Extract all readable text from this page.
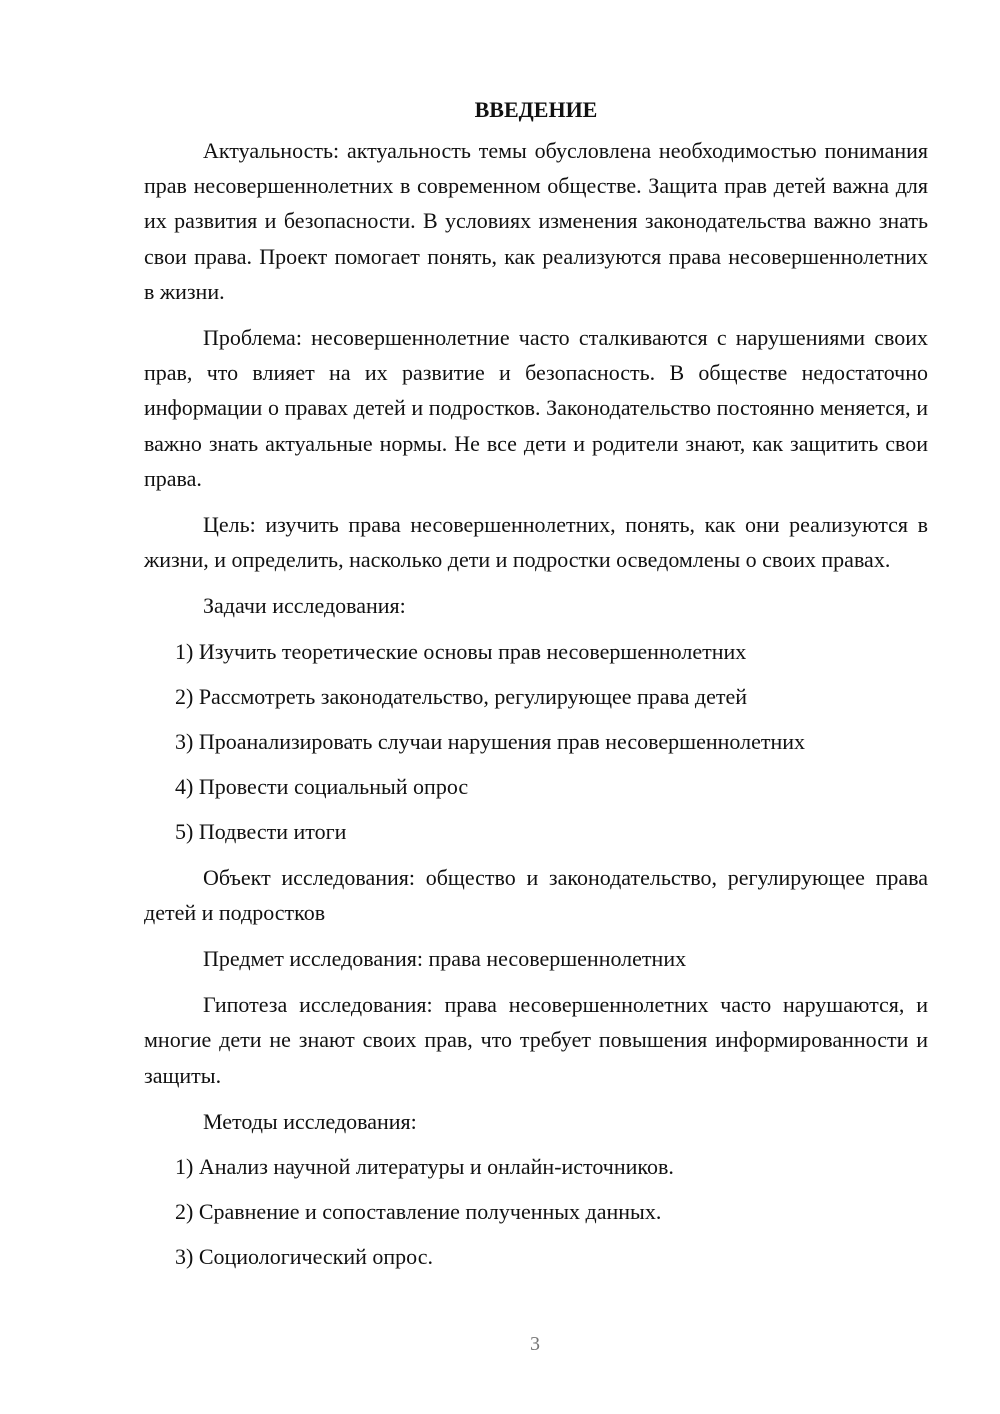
ВВЕДЕНИЕ

Актуальность: актуальность темы обусловлена необходимостью понимания прав несовершеннолетних в современном обществе. Защита прав детей важна для их развития и безопасности. В условиях изменения законодательства важно знать свои права. Проект помогает понять, как реализуются права несовершеннолетних в жизни.

Проблема: несовершеннолетние часто сталкиваются с нарушениями своих прав, что влияет на их развитие и безопасность. В обществе недостаточно информации о правах детей и подростков. Законодательство постоянно меняется, и важно знать актуальные нормы. Не все дети и родители знают, как защитить свои права.

Цель: изучить права несовершеннолетних, понять, как они реализуются в жизни, и определить, насколько дети и подростки осведомлены о своих правах.

Задачи исследования:

1) Изучить теоретические основы прав несовершеннолетних
2) Рассмотреть законодательство, регулирующее права детей
3) Проанализировать случаи нарушения прав несовершеннолетних
4) Провести социальный опрос
5) Подвести итоги

Объект исследования: общество и законодательство, регулирующее права детей и подростков

Предмет исследования: права несовершеннолетних

Гипотеза исследования: права несовершеннолетних часто нарушаются, и многие дети не знают своих прав, что требует повышения информированности и защиты.

Методы исследования:

1) Анализ научной литературы и онлайн-источников.
2) Сравнение и сопоставление полученных данных.
3) Социологический опрос.
3
